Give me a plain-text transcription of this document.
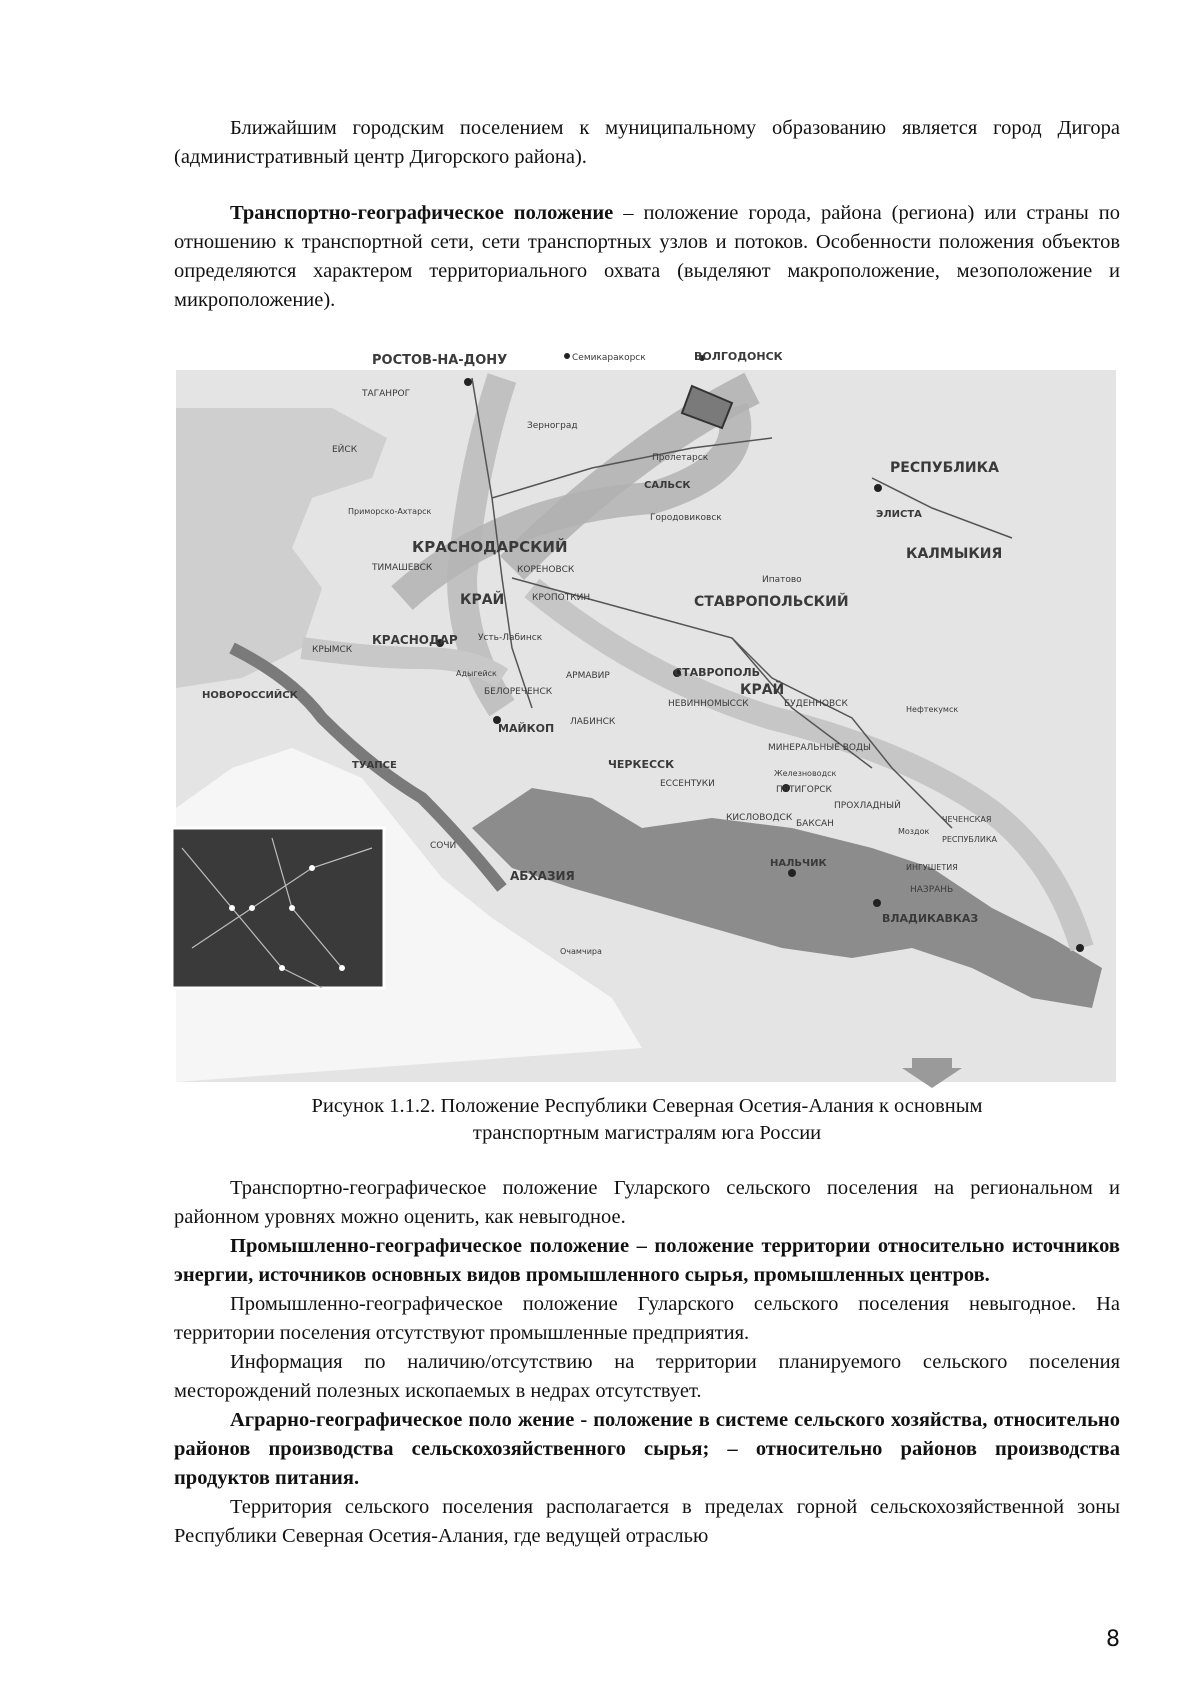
Ближайшим городским поселением к муниципальному образованию является город Дигора (административный центр Дигорского района).

Транспортно-географическое положение – положение города, района (региона) или страны по отношению к транспортной сети, сети транспортных узлов и потоков. Особенности положения объектов определяются характером территориального охвата (выделяют макроположение, мезоположение и микроположение).

РОСТОВ-НА-ДОНУ	Семикаракорск	ВОЛГОДОНСК
ТАГАНРОГ
Зерноград
ЕЙСК
Пролетарск
САЛЬСК
РЕСПУБЛИКА
ЭЛИСТА
КАЛМЫКИЯ
Городовиковск
Приморско-Ахтарск
КРАСНОДАРСКИЙ
ТИМАШЕВСК	КОРЕНОВСК
КРАЙ	КРОПОТКИН	СТАВРОПОЛЬСКИЙ
Ипатово
КРАСНОДАР
КРЫМСК
Усть-Лабинск
СТАВРОПОЛЬ
КРАЙ
НОВОРОССИЙСК
Адыгейск	АРМАВИР
БЕЛОРЕЧЕНСК
НЕВИННОМЫССК	БУДЕННОВСК
Нефтекумск
МАЙКОП ЛАБИНСК
МИНЕРАЛЬНЫЕ ВОДЫ
ТУАПСЕ	ЧЕРКЕССК
ЕССЕНТУКИ
Железноводск
ПЯТИГОРСК
КИСЛОВОДСК
ПРОХЛАДНЫЙ
ЧЕЧЕНСКАЯ
Моздок
РЕСПУБЛИКА
БАКСАН
СОЧИ
НАЛЬЧИК
АБХАЗИЯ
ИНГУШЕТИЯ
НАЗРАНЬ
ВЛАДИКАВКАЗ
Очамчира
Рисунок 1.1.2. Положение Республики Северная Осетия-Алания к основным
транспортным магистралям юга России

Транспортно-географическое положение Гуларского сельского поселения на региональном и районном уровнях можно оценить, как невыгодное.

Промышленно-географическое положение – положение территории относительно источников энергии, источников основных видов промышленного сырья, промышленных центров.

Промышленно-географическое положение Гуларского сельского поселения невыгодное. На территории поселения отсутствуют промышленные предприятия.

Информация по наличию/отсутствию на территории планируемого сельского поселения месторождений полезных ископаемых в недрах отсутствует.

Аграрно-географическое поло жение - положение в системе сельского хозяйства, относительно районов производства сельскохозяйственного сырья; – относительно районов производства продуктов питания.

Территория сельского поселения располагается в пределах горной сельскохозяйственной зоны Республики Северная Осетия-Алания, где ведущей отраслью

8
